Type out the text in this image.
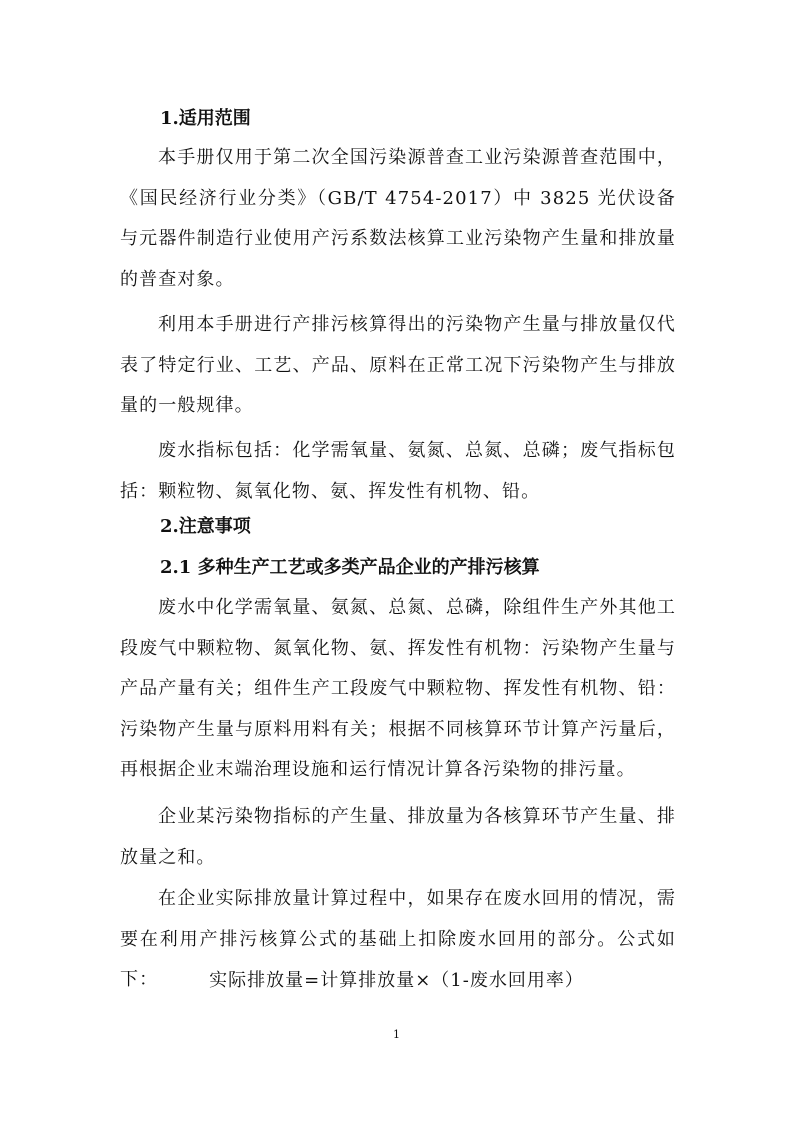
1.适用范围
本手册仅用于第二次全国污染源普查工业污染源普查范围中，《国民经济行业分类》（GB/T 4754-2017）中 3825 光伏设备与元器件制造行业使用产污系数法核算工业污染物产生量和排放量的普查对象。
利用本手册进行产排污核算得出的污染物产生量与排放量仅代表了特定行业、工艺、产品、原料在正常工况下污染物产生与排放量的一般规律。
废水指标包括：化学需氧量、氨氮、总氮、总磷；废气指标包括：颗粒物、氮氧化物、氨、挥发性有机物、铅。
2.注意事项
2.1 多种生产工艺或多类产品企业的产排污核算
废水中化学需氧量、氨氮、总氮、总磷，除组件生产外其他工段废气中颗粒物、氮氧化物、氨、挥发性有机物：污染物产生量与产品产量有关；组件生产工段废气中颗粒物、挥发性有机物、铅：污染物产生量与原料用料有关；根据不同核算环节计算产污量后，再根据企业末端治理设施和运行情况计算各污染物的排污量。
企业某污染物指标的产生量、排放量为各核算环节产生量、排放量之和。
在企业实际排放量计算过程中，如果存在废水回用的情况，需要在利用产排污核算公式的基础上扣除废水回用的部分。公式如下：	实际排放量=计算排放量×（1-废水回用率）
1
